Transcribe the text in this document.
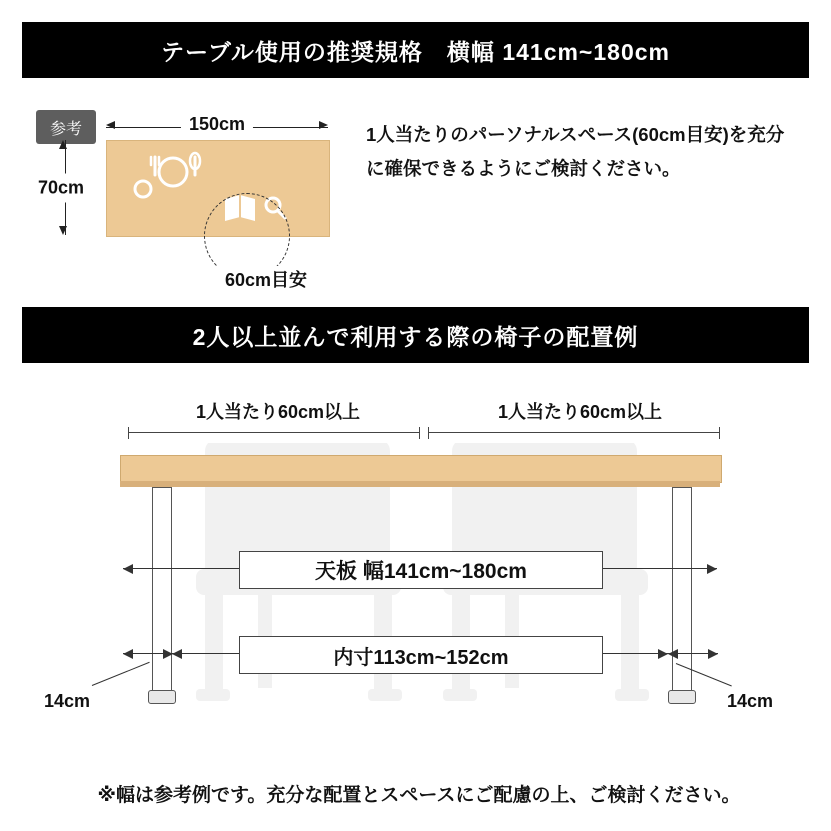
テーブル使用の推奨規格　横幅 141cm~180cm
参考	150cm
70cm
60cm目安
1人当たりのパーソナルスペース(60cm目安)を充分に確保できるようにご検討ください。
2人以上並んで利用する際の椅子の配置例
1人当たり60cm以上	1人当たり60cm以上
天板 幅141cm~180cm
内寸113cm~152cm
14cm	14cm
※幅は参考例です。充分な配置とスペースにご配慮の上、ご検討ください。
